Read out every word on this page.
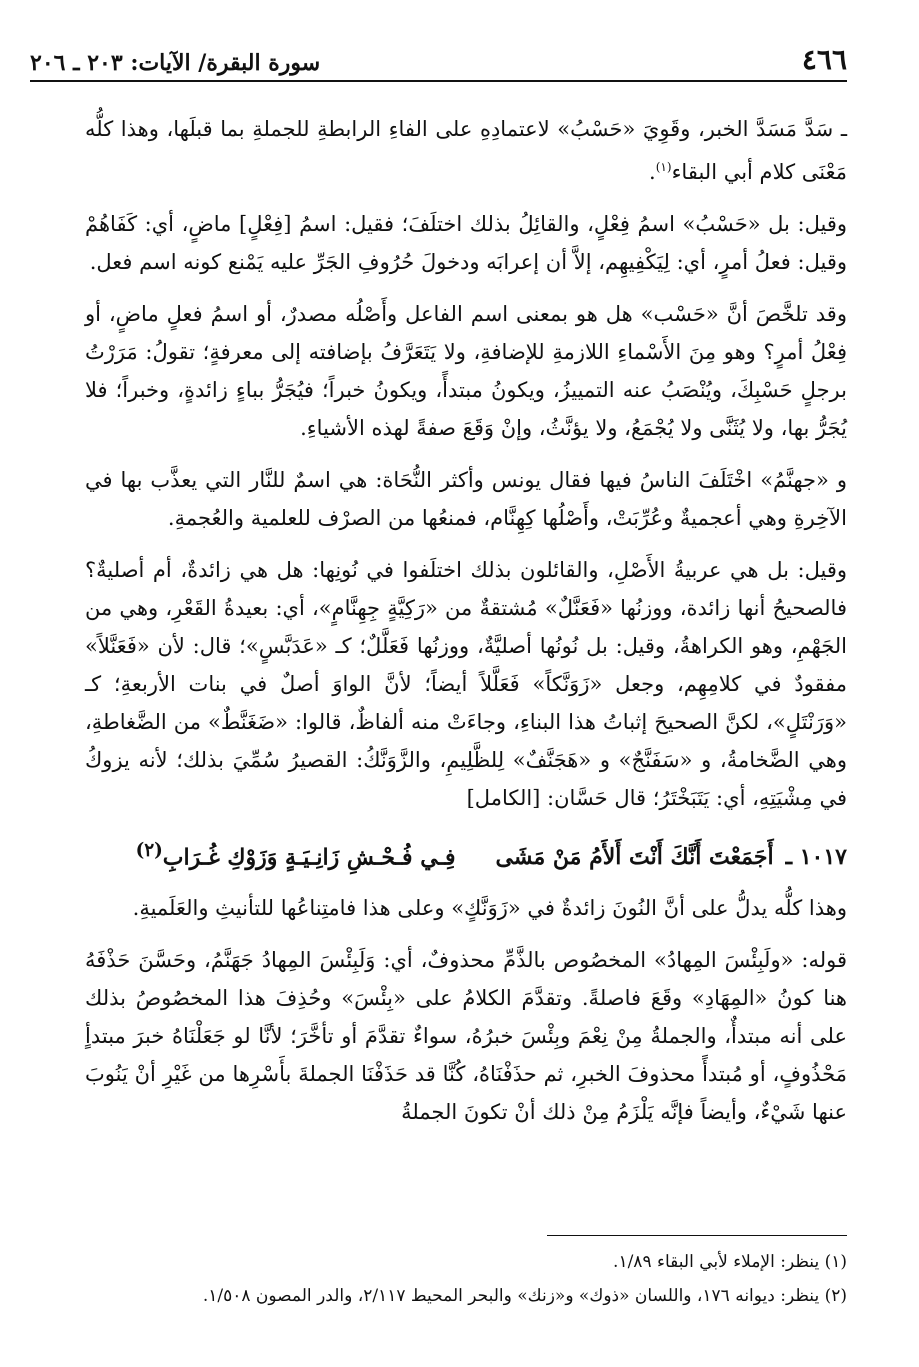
٤٦٦
سورة البقرة/ الآيات: ٢٠٣ ـ ٢٠٦

ـ سَدَّ مَسَدَّ الخبر، وقَوِيَ «حَسْبُ» لاعتمادِهِ على الفاءِ الرابطةِ للجملةِ بما قبلَها، وهذا كلُّه مَعْنَى كلام أبي البقاء$^{(١)}$.

وقيل: بل «حَسْبُ» اسمُ فِعْلٍ، والقائِلُ بذلك اختلَفَ؛ فقيل: اسمُ [فِعْلٍ] ماضٍ، أي: كَفَاهُمْ وقيل: فعلُ أمرٍ، أي: لِيَكْفِيهِم، إلاَّ أن إعرابَه ودخولَ حُرُوفِ الجَرِّ عليه يَمْنع كونه اسم فعل.

وقد تلخَّصَ أنَّ «حَسْب» هل هو بمعنى اسم الفاعل وأَصْلُه مصدرٌ، أو اسمُ فعلٍ ماضٍ، أو فِعْلُ أمرٍ؟ وهو مِنَ الأَسْماءِ اللازمةِ للإضافةِ، ولا يَتَعَرَّفُ بإضافته إلى معرفةٍ؛ تقولُ: مَرَرْتُ برجلٍ حَسْبِكَ، ويُنْصَبُ عنه التمييزُ، ويكونُ مبتدأً، ويكونُ خبراً؛ فيُجَرُّ بباءٍ زائدةٍ، وخبراً؛ فلا يُجَرُّ بها، ولا يُثَنَّى ولا يُجْمَعُ، ولا يؤنَّثُ، وإنْ وَقَعَ صفةً لهذه الأشياءِ.

و «جهنَّمُ» اخْتَلَفَ الناسُ فيها فقال يونس وأكثر النُّحَاة: هي اسمٌ للنَّار التي يعذَّب بها في الآخِرةِ وهي أعجميةٌ وعُرِّبَتْ، وأَصْلُها كِهِنَّام، فمنعُها من الصرْف للعلمية والعُجمةِ.

وقيل: بل هي عربيةُ الأَصْلِ، والقائلون بذلك اختلَفوا في نُونِها: هل هي زائدةٌ، أم أصليةٌ؟ فالصحيحُ أنها زائدة، ووزنُها «فَعَنَّلٌ» مُشتقةٌ من «رَكِيَّةٍ جِهِنَّامٍ»، أي: بعيدةُ القَعْرِ، وهي من الجَهْمِ، وهو الكراهةُ، وقيل: بل نُونُها أصليَّةٌ، ووزنُها فَعَلَّلٌ؛ كـ «عَدَبَّسٍ»؛ قال: لأن «فَعَنَّلاً» مفقودٌ في كلامِهِم، وجعل «زَوَنَّكاً» فَعَلَّلاً أيضاً؛ لأنَّ الواوَ أصلٌ في بنات الأربعةِ؛ كـ «وَرَنْتَلٍ»، لكنَّ الصحيحَ إثباتُ هذا البناءِ، وجاءَتْ منه ألفاظٌ، قالوا: «ضَغَنَّطٌ» من الضَّغاطةِ، وهي الضَّخامةُ، و «سَفَنَّجٌ» و «هَجَنَّفٌ» لِلظَّلِيمِ، والزَّوَنَّكُ: القصيرُ سُمِّيَ بذلك؛ لأنه يزوكُ في مِشْيَتِهِ، أي: يَتَبَخْتَرُ؛ قال حَسَّان: [الكامل]

١٠١٧ ـ
أَجَمَعْتَ أَنَّكَ أَنْتَ أَلأَمُ مَنْ مَشَى
فِـي فُـحْـشِ زَانِـيَـةٍ وَزَوْكِ غُـرَابِ$^{(٢)}$

وهذا كلُّه يدلُّ على أنَّ النُونَ زائدةٌ في «زَوَنَّكٍ» وعلى هذا فامتِناعُها للتأنيثِ والعَلَميةِ.

قوله: «ولَبِئْسَ المِهادُ» المخصُوص بالذَّمِّ محذوفٌ، أي: وَلَبِئْسَ المِهادُ جَهَنَّمُ، وحَسَّنَ حَذْفَهُ هنا كونُ «المِهَادِ» وقَعَ فاصلةً. وتقدَّمَ الكلامُ على «بِئْسَ» وحُذِفَ هذا المخصُوصُ بذلك على أنه مبتدأٌ، والجملةُ مِنْ نِعْمَ وبِئْسَ خبرُهُ، سواءٌ تقدَّمَ أو تأخَّرَ؛ لأنَّا لو جَعَلْنَاهُ خبرَ مبتدأٍ مَحْذُوفٍ، أو مُبتدأً محذوفَ الخبرِ، ثم حذَفْنَاهُ، كُنَّا قد حَذَفْنَا الجملةَ بأَسْرِها من غَيْرِ أنْ يَنُوبَ عنها شَيْءٌ، وأيضاً فإنَّه يَلْزَمُ مِنْ ذلك أنْ تكونَ الجملةُ

(١) ينظر: الإملاء لأبي البقاء ١/٨٩.

(٢) ينظر: ديوانه ١٧٦، واللسان «ذوك» و«زنك» والبحر المحيط ٢/١١٧، والدر المصون ١/٥٠٨.
